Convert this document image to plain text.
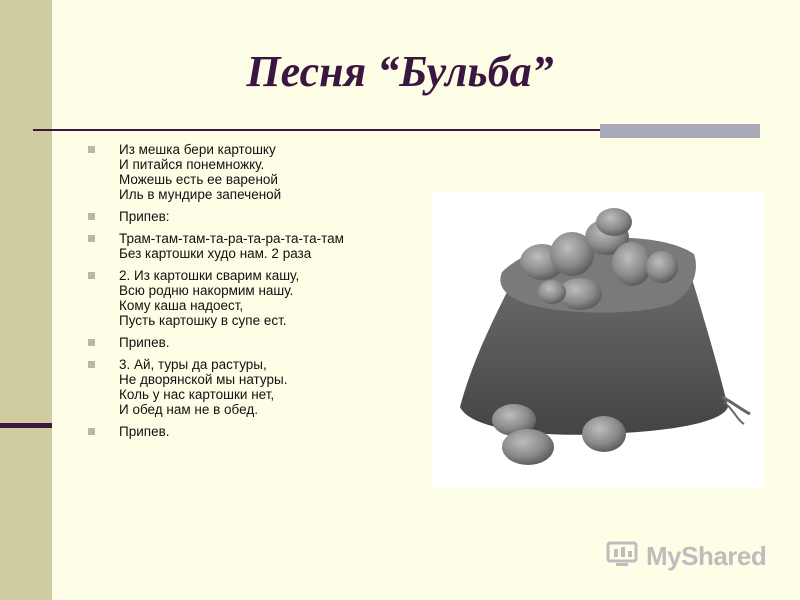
Песня “Бульба”
Из мешка бери картошку
И питайся понемножку.
Можешь есть ее вареной
Иль в мундире запеченой
Припев:
Трам-там-там-та-ра-та-ра-та-та-там
Без картошки худо нам. 2 раза
2. Из картошки сварим кашу,
Всю родню накормим нашу.
Кому каша надоест,
Пусть картошку в супе ест.
Припев.
3. Ай, туры да растуры,
Не дворянской мы натуры.
Коль у нас картошки нет,
И обед нам не в обед.
Припев.
MyShared
